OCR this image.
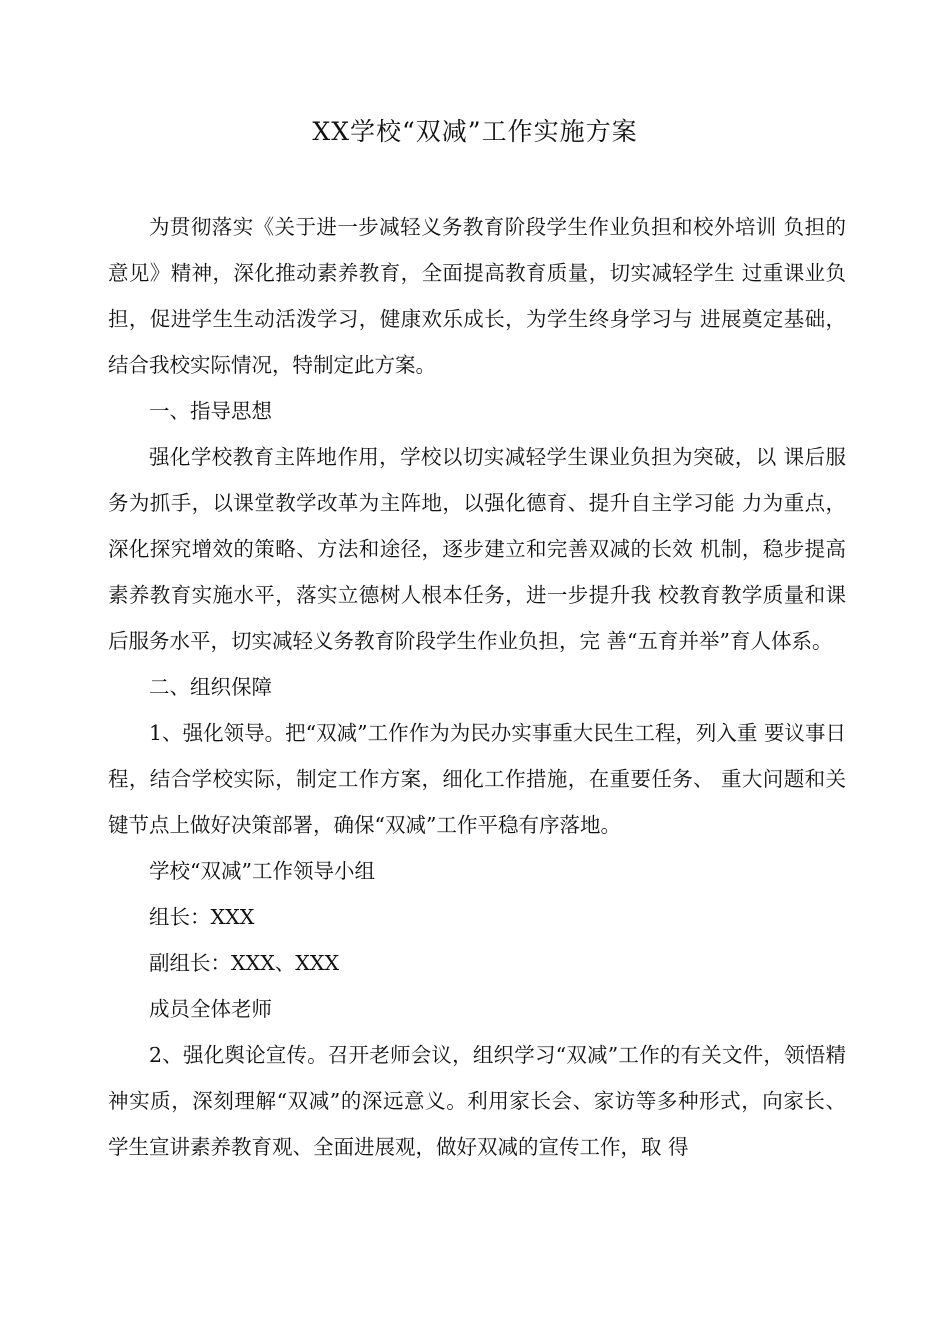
XX学校“双减”工作实施方案

为贯彻落实《关于进一步减轻义务教育阶段学生作业负担和校外培训 负担的意见》精神，深化推动素养教育，全面提高教育质量，切实减轻学生 过重课业负担，促进学生生动活泼学习，健康欢乐成长，为学生终身学习与 进展奠定基础，结合我校实际情况，特制定此方案。

一、指导思想

强化学校教育主阵地作用，学校以切实减轻学生课业负担为突破，以 课后服务为抓手，以课堂教学改革为主阵地，以强化德育、提升自主学习能 力为重点，深化探究增效的策略、方法和途径，逐步建立和完善双减的长效 机制，稳步提高素养教育实施水平，落实立德树人根本任务，进一步提升我 校教育教学质量和课后服务水平，切实减轻义务教育阶段学生作业负担，完 善“五育并举”育人体系。

二、组织保障

1、强化领导。把“双减”工作作为为民办实事重大民生工程，列入重 要议事日程，结合学校实际，制定工作方案，细化工作措施，在重要任务、 重大问题和关键节点上做好决策部署，确保“双减”工作平稳有序落地。

学校“双减”工作领导小组

组长：XXX

副组长：XXX、XXX

成员全体老师

2、强化舆论宣传。召开老师会议，组织学习“双减”工作的有关文件，领悟精神实质，深刻理解“双减”的深远意义。利用家长会、家访等多种形式，向家长、学生宣讲素养教育观、全面进展观，做好双减的宣传工作，取 得
